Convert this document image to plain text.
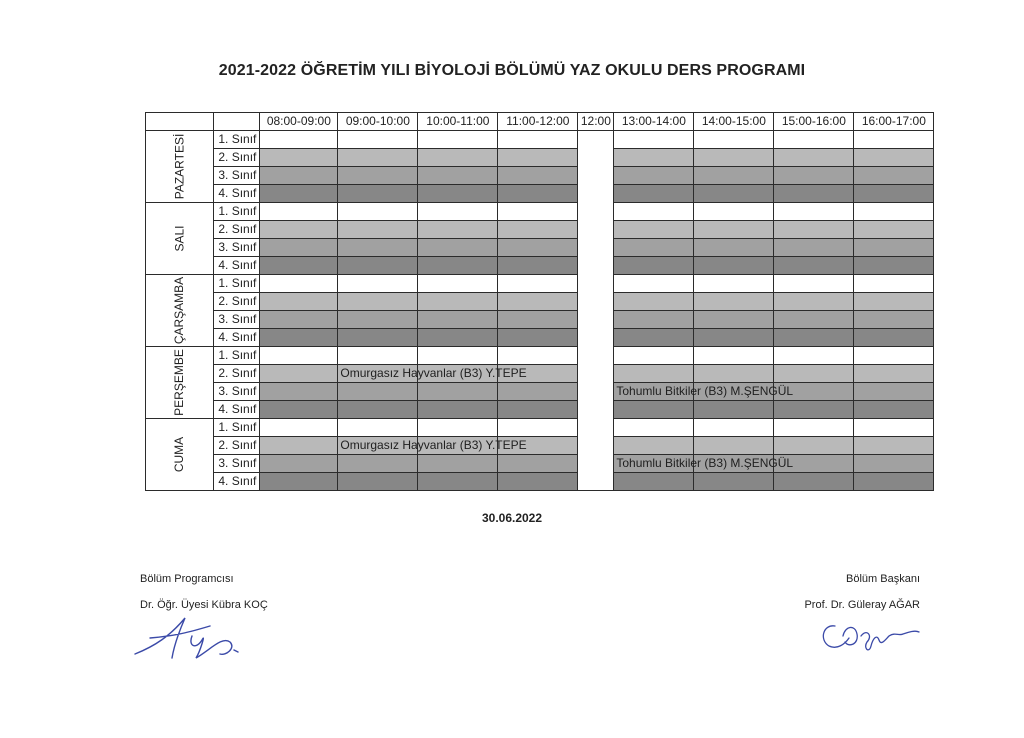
2021-2022 ÖĞRETİM YILI BİYOLOJİ BÖLÜMÜ YAZ OKULU DERS PROGRAMI
		08:00-09:00	09:00-10:00	10:00-11:00	11:00-12:00	12:00	13:00-14:00	14:00-15:00	15:00-16:00	16:00-17:00
PAZARTESİ	1. Sınıf									
	2. Sınıf									
	3. Sınıf									
	4. Sınıf									
SALI	1. Sınıf									
	2. Sınıf									
	3. Sınıf									
	4. Sınıf									
ÇARŞAMBA	1. Sınıf									
	2. Sınıf									
	3. Sınıf									
	4. Sınıf									
PERŞEMBE	1. Sınıf									
	2. Sınıf		Omurgasız Hayvanlar (B3) Y.TEPE							

	3. Sınıf						Tohumlu Bitkiler (B3) M.ŞENGÜL			

	4. Sınıf									
CUMA	1. Sınıf									
	2. Sınıf		Omurgasız Hayvanlar (B3) Y.TEPE							

	3. Sınıf						Tohumlu Bitkiler (B3) M.ŞENGÜL			

	4. Sınıf									
30.06.2022
Bölüm Programcısı
Dr. Öğr. Üyesi Kübra KOÇ
Bölüm Başkanı
Prof. Dr. Güleray AĞAR
